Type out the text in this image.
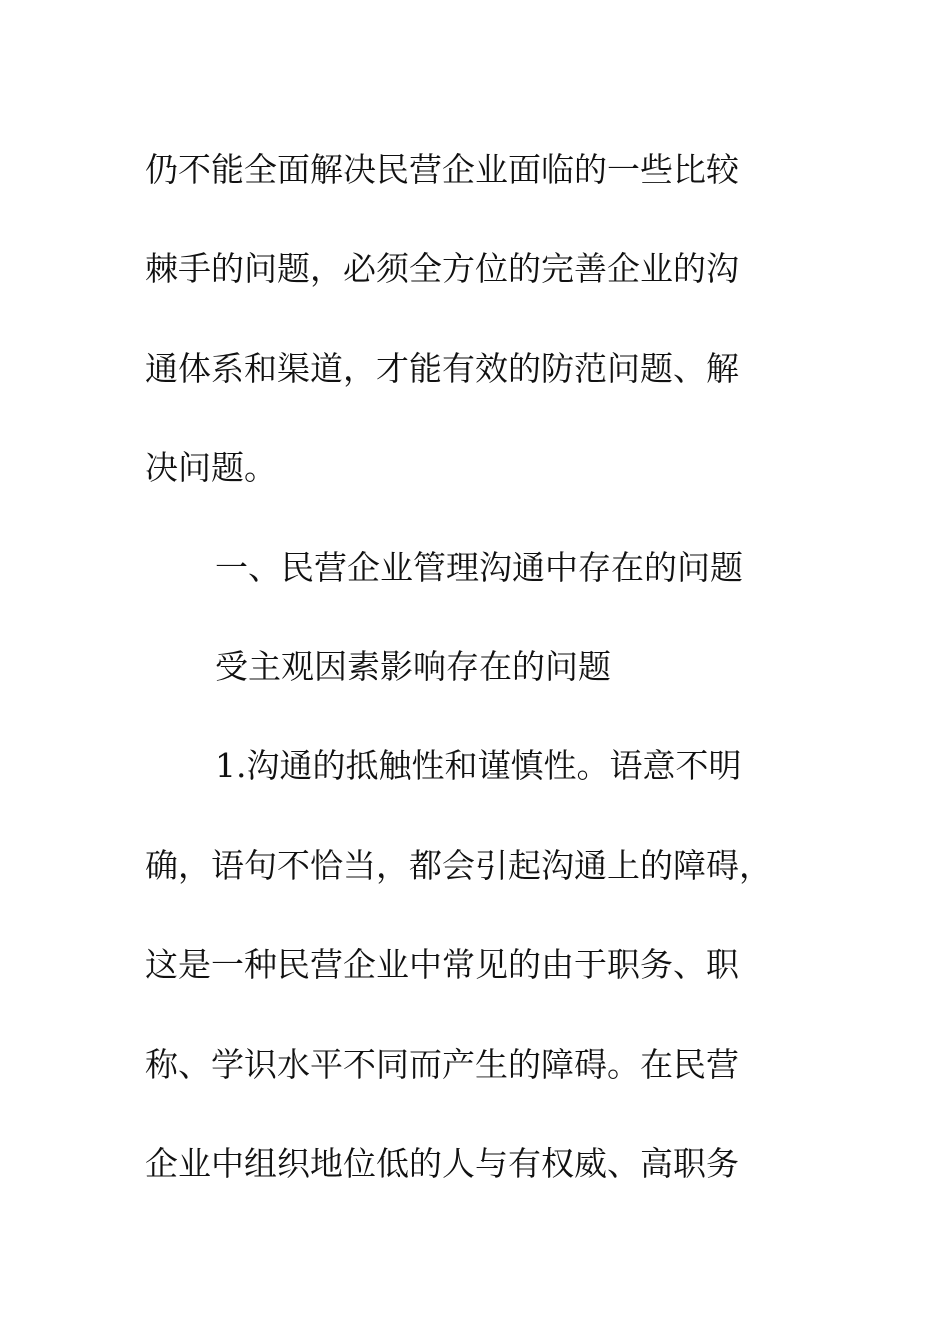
仍不能全面解决民营企业面临的一些比较
棘手的问题，必须全方位的完善企业的沟
通体系和渠道，才能有效的防范问题、解
决问题。
一、民营企业管理沟通中存在的问题
受主观因素影响存在的问题
1.沟通的抵触性和谨慎性。语意不明
确，语句不恰当，都会引起沟通上的障碍，
这是一种民营企业中常见的由于职务、职
称、学识水平不同而产生的障碍。在民营
企业中组织地位低的人与有权威、高职务
